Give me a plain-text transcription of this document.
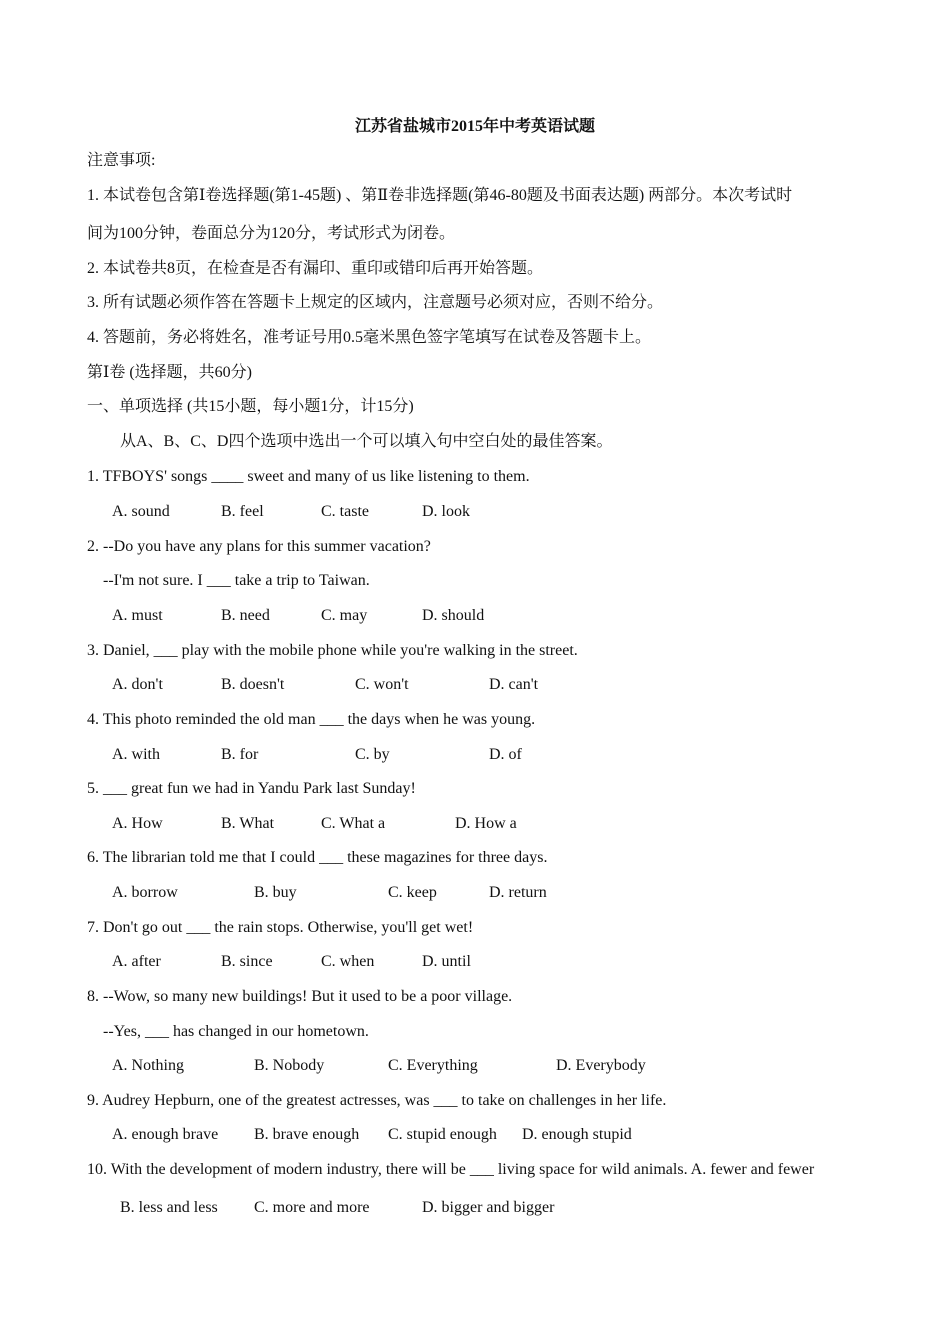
江苏省盐城市2015年中考英语试题
注意事项:
1. 本试卷包含第Ⅰ卷选择题(第1-45题) 、第Ⅱ卷非选择题(第46-80题及书面表达题) 两部分。本次考试时
间为100分钟，卷面总分为120分，考试形式为闭卷。
2. 本试卷共8页，在检查是否有漏印、重印或错印后再开始答题。
3. 所有试题必须作答在答题卡上规定的区域内，注意题号必须对应，否则不给分。
4. 答题前，务必将姓名，准考证号用0.5毫米黑色签字笔填写在试卷及答题卡上。
第Ⅰ卷 (选择题，共60分)
一、单项选择 (共15小题，每小题1分，计15分)
从A、B、C、D四个选项中选出一个可以填入句中空白处的最佳答案。
1. TFBOYS' songs ____ sweet and many of us like listening to them.
A. sound	B. feel	C. taste	D. look
2. --Do you have any plans for this summer vacation?
--I'm not sure. I ___ take a trip to Taiwan.
A. must	B. need	C. may	D. should
3. Daniel, ___ play with the mobile phone while you're walking in the street.
A. don't	B. doesn't	C. won't	D. can't
4. This photo reminded the old man ___ the days when he was young.
A. with	B. for	C. by	D. of
5. ___ great fun we had in Yandu Park last Sunday!
A. How	B. What	C. What a	D. How a
6. The librarian told me that I could ___ these magazines for three days.
A. borrow	B. buy	C. keep	D. return
7. Don't go out ___ the rain stops. Otherwise, you'll get wet!
A. after	B. since	C. when	D. until
8. --Wow, so many new buildings! But it used to be a poor village.
--Yes, ___ has changed in our hometown.
A. Nothing	B. Nobody	C. Everything	D. Everybody
9. Audrey Hepburn, one of the greatest actresses, was ___ to take on challenges in her life.
A. enough brave B. brave enough C. stupid enough D. enough stupid
10. With the development of modern industry, there will be ___ living space for wild animals. A. fewer and fewer
B. less and less C. more and more	D. bigger and bigger
